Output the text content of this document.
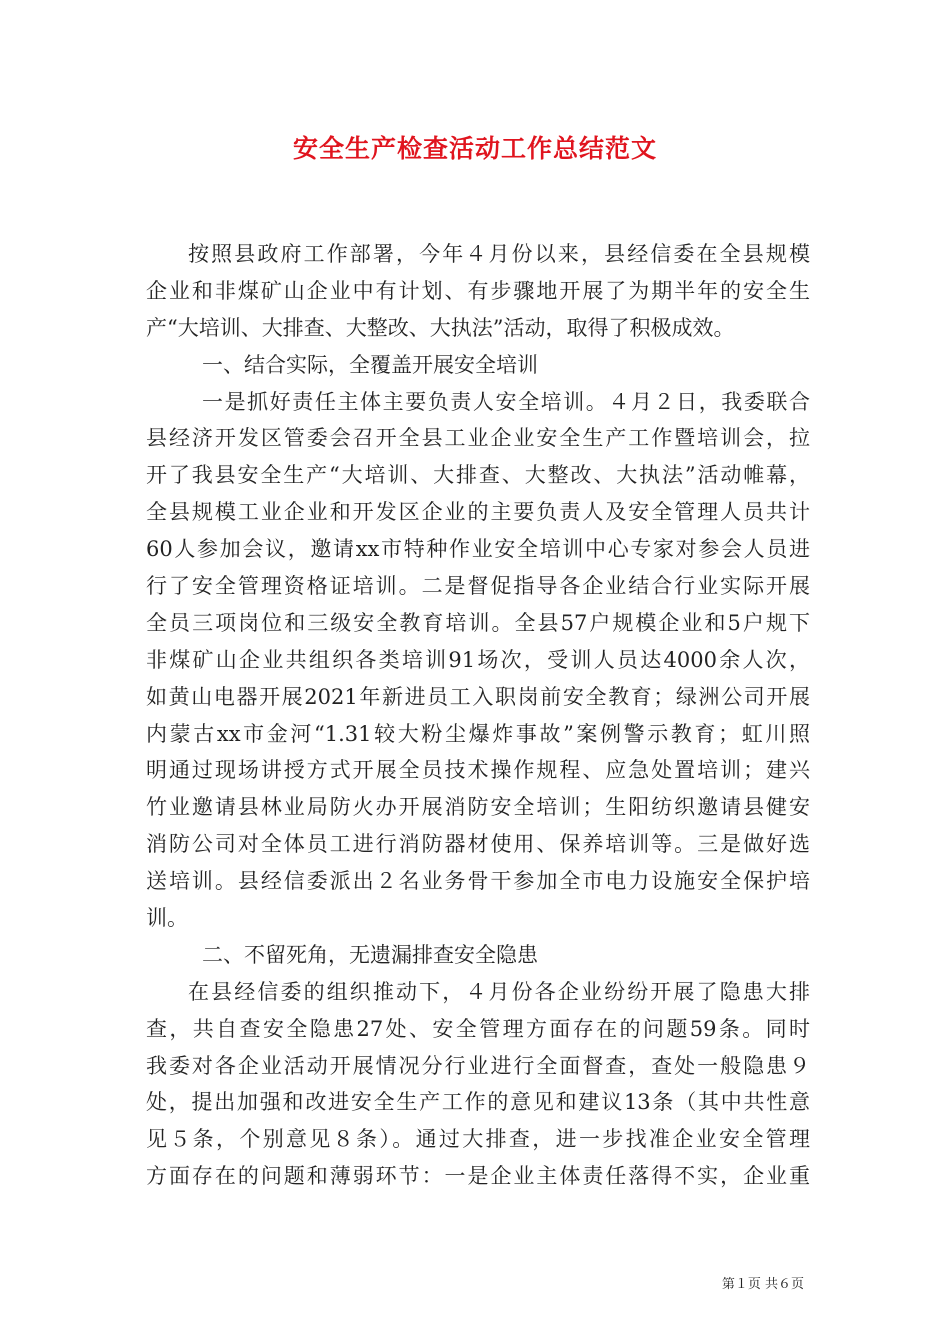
安全生产检查活动工作总结范文
按照县政府工作部署，今年４月份以来，县经信委在全县规模
企业和非煤矿山企业中有计划、有步骤地开展了为期半年的安全生
产“大培训、大排查、大整改、大执法”活动，取得了积极成效。
一、结合实际，全覆盖开展安全培训
一是抓好责任主体主要负责人安全培训。４月２日，我委联合
县经济开发区管委会召开全县工业企业安全生产工作暨培训会，拉
开了我县安全生产“大培训、大排查、大整改、大执法”活动帷幕，
全县规模工业企业和开发区企业的主要负责人及安全管理人员共计
60人参加会议，邀请xx市特种作业安全培训中心专家对参会人员进
行了安全管理资格证培训。二是督促指导各企业结合行业实际开展
全员三项岗位和三级安全教育培训。全县57户规模企业和5户规下
非煤矿山企业共组织各类培训91场次，受训人员达4000余人次，
如黄山电器开展2021年新进员工入职岗前安全教育；绿洲公司开展
内蒙古xx市金河“1.31较大粉尘爆炸事故”案例警示教育；虹川照
明通过现场讲授方式开展全员技术操作规程、应急处置培训；建兴
竹业邀请县林业局防火办开展消防安全培训；生阳纺织邀请县健安
消防公司对全体员工进行消防器材使用、保养培训等。三是做好选
送培训。县经信委派出２名业务骨干参加全市电力设施安全保护培
训。
二、不留死角，无遗漏排查安全隐患
在县经信委的组织推动下，４月份各企业纷纷开展了隐患大排
查，共自查安全隐患27处、安全管理方面存在的问题59条。同时
我委对各企业活动开展情况分行业进行全面督查，查处一般隐患９
处，提出加强和改进安全生产工作的意见和建议13条（其中共性意
见５条，个别意见８条）。通过大排查，进一步找准企业安全管理
方面存在的问题和薄弱环节：一是企业主体责任落得不实，企业重
第１页 共６页
